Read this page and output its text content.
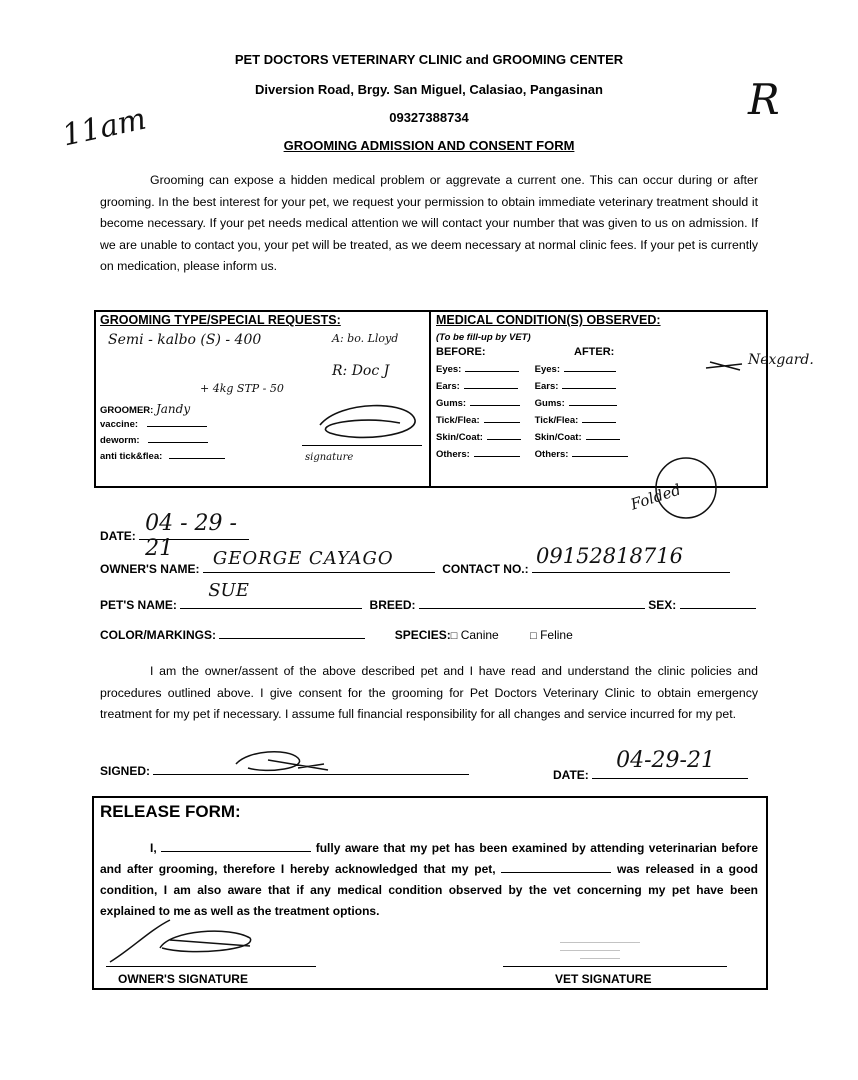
11am
R
PET DOCTORS VETERINARY CLINIC and GROOMING CENTER
Diversion Road, Brgy. San Miguel, Calasiao, Pangasinan
09327388734
GROOMING ADMISSION AND CONSENT FORM
Grooming can expose a hidden medical problem or aggrevate a current one. This can occur during or after grooming. In the best interest for your pet, we request your permission to obtain immediate veterinary treatment should it become necessary. If your pet needs medical attention we will contact your number that was given to us on admission. If we are unable to contact you, your pet will be treated, as we deem necessary at normal clinic fees. If your pet is currently on medication, please inform us.
GROOMING TYPE/SPECIAL REQUESTS:
Semi - kalbo (S) - 400	A: bo. Lloyd
R: Doc J
+ 4kg STP - 50
GROOMER: Jandy
vaccine:
deworm:
anti tick&flea:	signature
MEDICAL CONDITION(S) OBSERVED:
(To be fill-up by VET)
BEFORE:	AFTER:
Eyes:	Eyes:
Ears:	Ears:
Gums:	Gums:
Tick/Flea:	Tick/Flea:
Skin/Coat:	Skin/Coat:
Others:	Others:
Nexgard.
Folded
DATE: 04 - 29 - 21
OWNER'S NAME: GEORGE CAYAGO	CONTACT NO.:
09152818716
PET'S NAME:
SUE
BREED:	SEX:
COLOR/MARKINGS:	SPECIES:□ Canine	□ Feline
I am the owner/assent of the above described pet and I have read and understand the clinic policies and procedures outlined above. I give consent for the grooming for Pet Doctors Veterinary Clinic to obtain emergency treatment for my pet if necessary. I assume full financial responsibility for all changes and service incurred for my pet.
SIGNED:	DATE:
04-29-21
RELEASE FORM:
I,	fully aware that my pet has been examined by attending veterinarian before and after grooming, therefore I hereby acknowledged that my pet,	was released in a good condition, I am also aware that if any medical condition observed by the vet concerning my pet have been explained to me as well as the treatment options.
OWNER'S SIGNATURE	VET SIGNATURE
